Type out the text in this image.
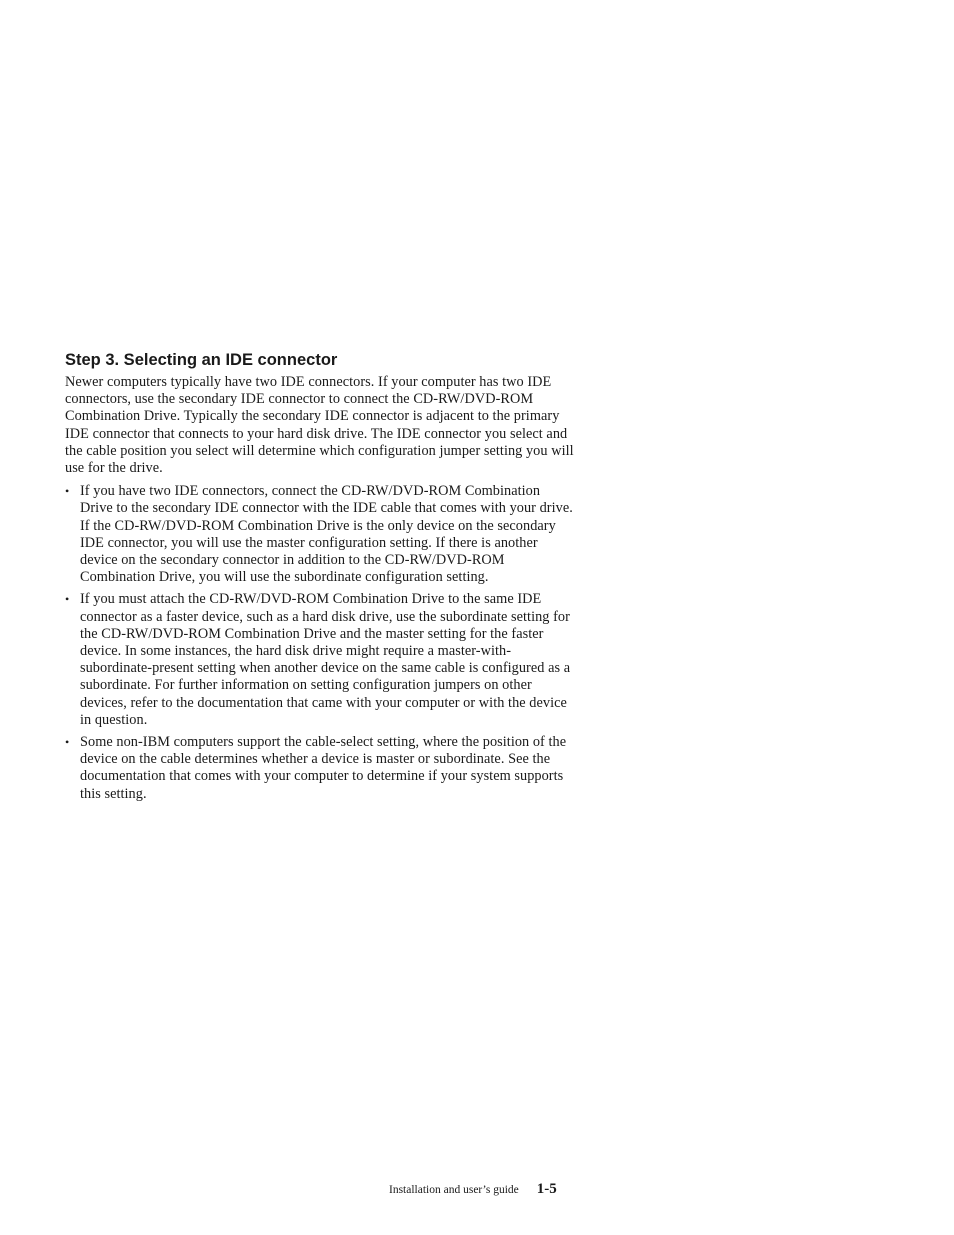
Step 3. Selecting an IDE connector

Newer computers typically have two IDE connectors. If your computer has two IDE connectors, use the secondary IDE connector to connect the CD-RW/DVD-ROM Combination Drive. Typically the secondary IDE connector is adjacent to the primary IDE connector that connects to your hard disk drive. The IDE connector you select and the cable position you select will determine which configuration jumper setting you will use for the drive.

• If you have two IDE connectors, connect the CD-RW/DVD-ROM Combination Drive to the secondary IDE connector with the IDE cable that comes with your drive. If the CD-RW/DVD-ROM Combination Drive is the only device on the secondary IDE connector, you will use the master configuration setting. If there is another device on the secondary connector in addition to the CD-RW/DVD-ROM Combination Drive, you will use the subordinate configuration setting.
• If you must attach the CD-RW/DVD-ROM Combination Drive to the same IDE connector as a faster device, such as a hard disk drive, use the subordinate setting for the CD-RW/DVD-ROM Combination Drive and the master setting for the faster device. In some instances, the hard disk drive might require a master-with-subordinate-present setting when another device on the same cable is configured as a subordinate. For further information on setting configuration jumpers on other devices, refer to the documentation that came with your computer or with the device in question.
• Some non-IBM computers support the cable-select setting, where the position of the device on the cable determines whether a device is master or subordinate. See the documentation that comes with your computer to determine if your system supports this setting.
Installation and user’s guide 1-5
